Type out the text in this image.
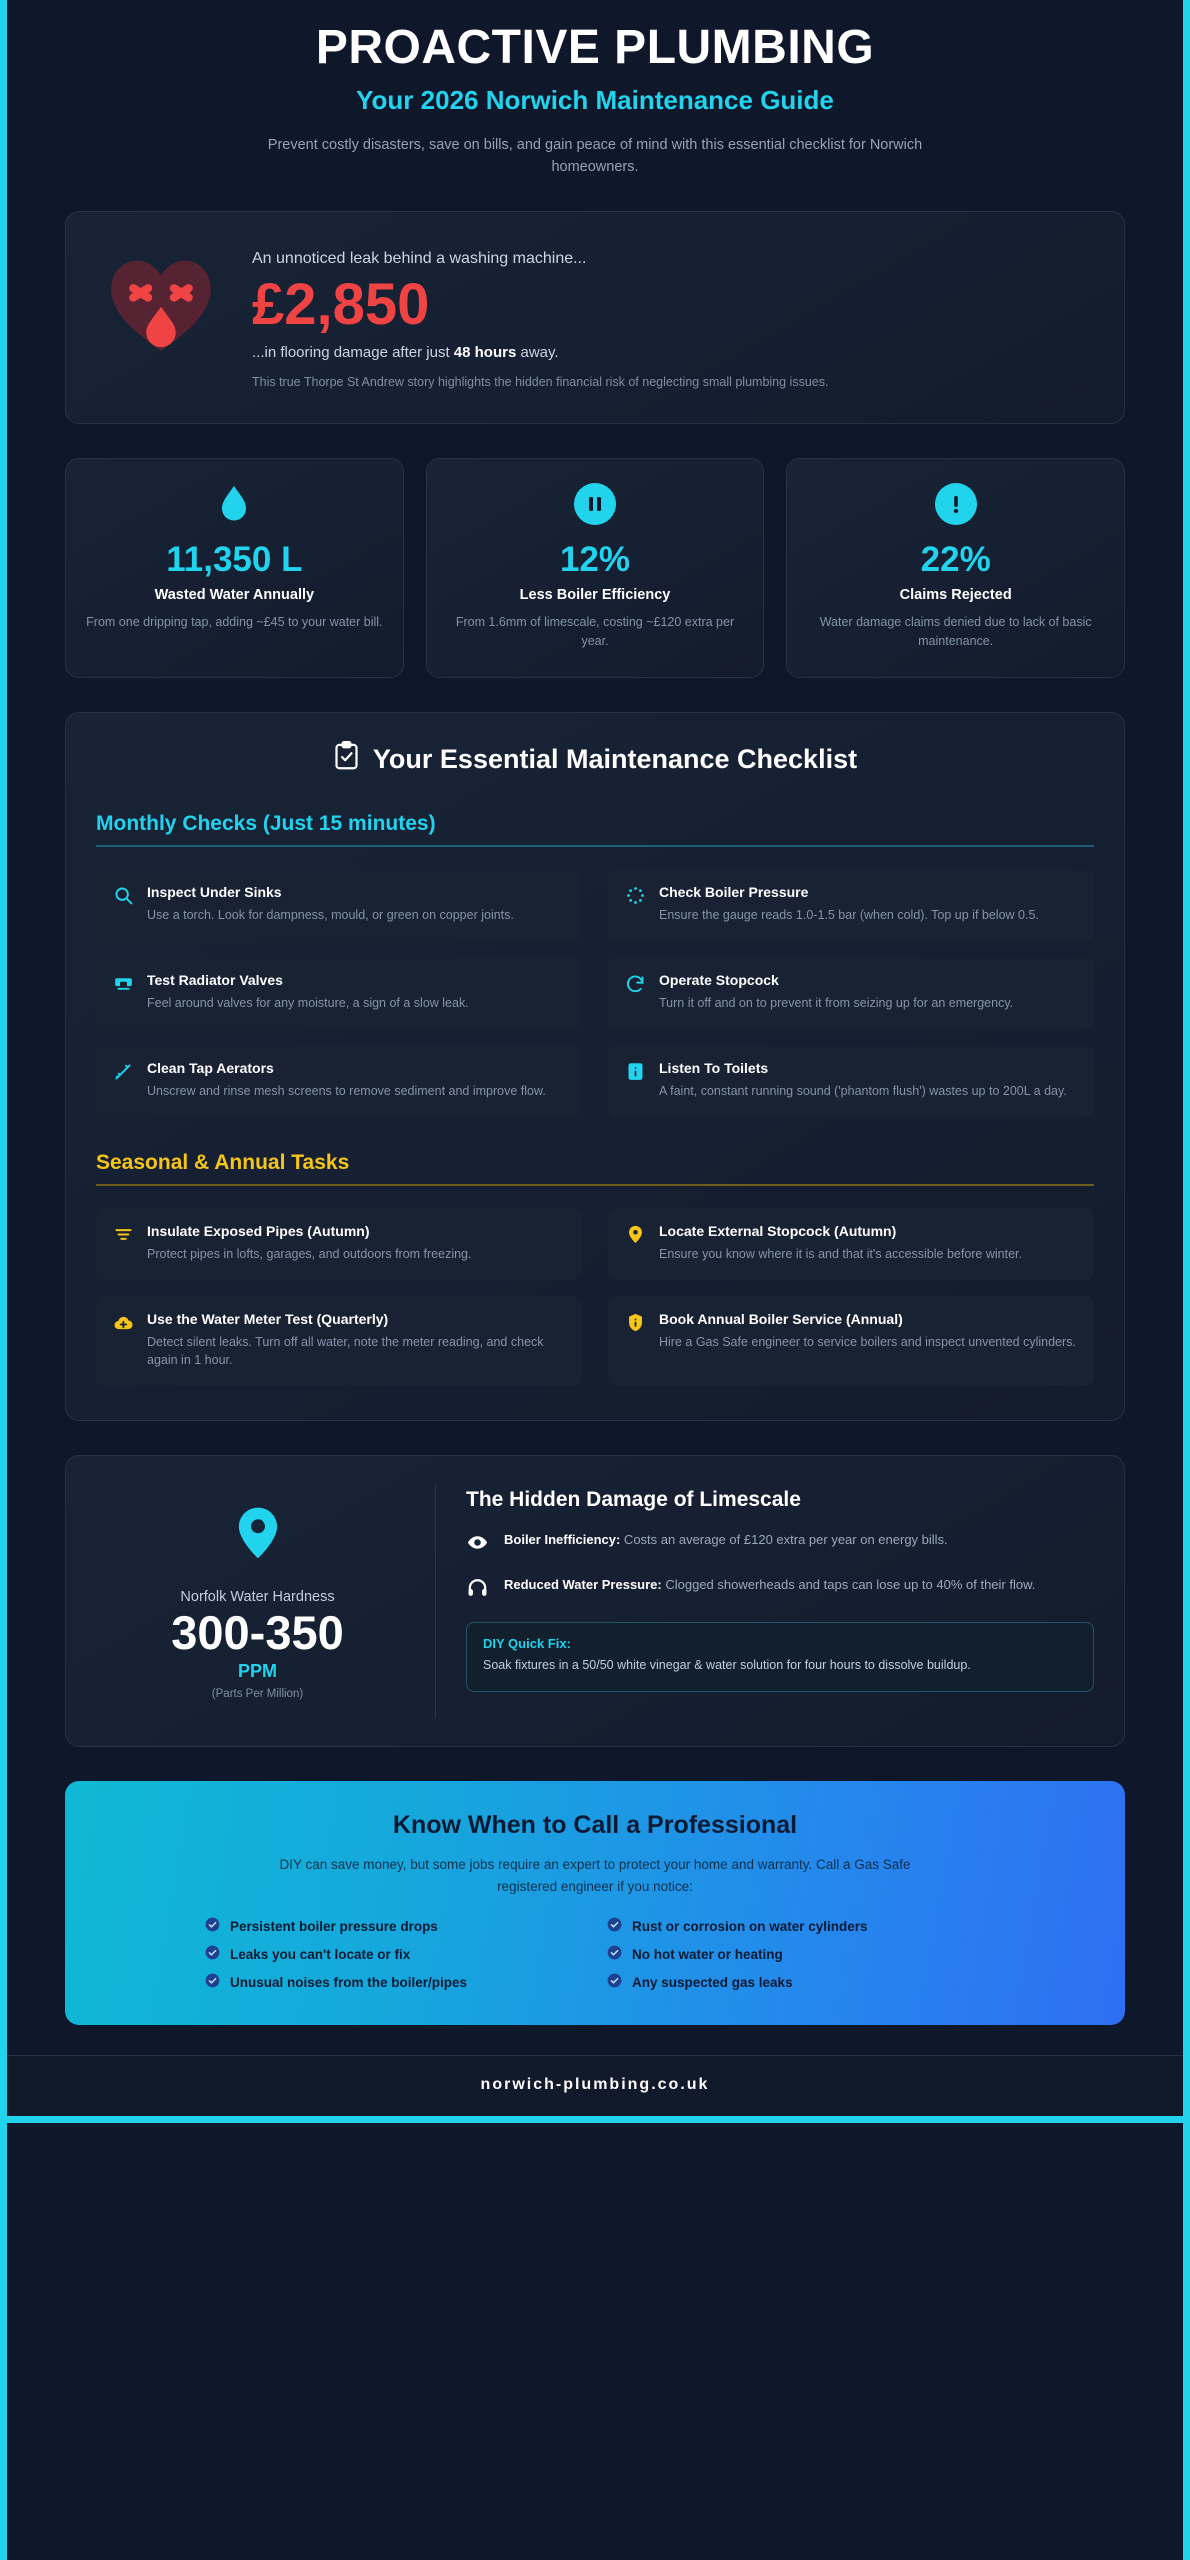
PROACTIVE PLUMBING
Your 2026 Norwich Maintenance Guide

Prevent costly disasters, save on bills, and gain peace of mind with this essential checklist for Norwich homeowners.

An unnoticed leak behind a washing machine...
£2,850
...in flooring damage after just 48 hours away.
This true Thorpe St Andrew story highlights the hidden financial risk of neglecting small plumbing issues.
11,350 L
Wasted Water Annually
From one dripping tap, adding ~£45 to your water bill.
12%
Less Boiler Efficiency
From 1.6mm of limescale, costing ~£120 extra per year.
22%
Claims Rejected
Water damage claims denied due to lack of basic maintenance.
Your Essential Maintenance Checklist
Monthly Checks (Just 15 minutes)
Inspect Under Sinks
Use a torch. Look for dampness, mould, or green on copper joints.
Check Boiler Pressure
Ensure the gauge reads 1.0-1.5 bar (when cold). Top up if below 0.5.
Test Radiator Valves
Feel around valves for any moisture, a sign of a slow leak.
Operate Stopcock
Turn it off and on to prevent it from seizing up for an emergency.
Clean Tap Aerators
Unscrew and rinse mesh screens to remove sediment and improve flow.
Listen To Toilets
A faint, constant running sound ('phantom flush') wastes up to 200L a day.
Seasonal & Annual Tasks
Insulate Exposed Pipes (Autumn)
Protect pipes in lofts, garages, and outdoors from freezing.
Locate External Stopcock (Autumn)
Ensure you know where it is and that it's accessible before winter.
Use the Water Meter Test (Quarterly)
Detect silent leaks. Turn off all water, note the meter reading, and check again in 1 hour.
Book Annual Boiler Service (Annual)
Hire a Gas Safe engineer to service boilers and inspect unvented cylinders.
Norfolk Water Hardness
300-350
PPM
(Parts Per Million)
The Hidden Damage of Limescale
Boiler Inefficiency: Costs an average of £120 extra per year on energy bills.
Reduced Water Pressure: Clogged showerheads and taps can lose up to 40% of their flow.
DIY Quick Fix:
Soak fixtures in a 50/50 white vinegar & water solution for four hours to dissolve buildup.
Know When to Call a Professional

DIY can save money, but some jobs require an expert to protect your home and warranty. Call a Gas Safe registered engineer if you notice:

Persistent boiler pressure drops	Rust or corrosion on water cylinders
Leaks you can't locate or fix	No hot water or heating
Unusual noises from the boiler/pipes	Any suspected gas leaks
norwich-plumbing.co.uk
